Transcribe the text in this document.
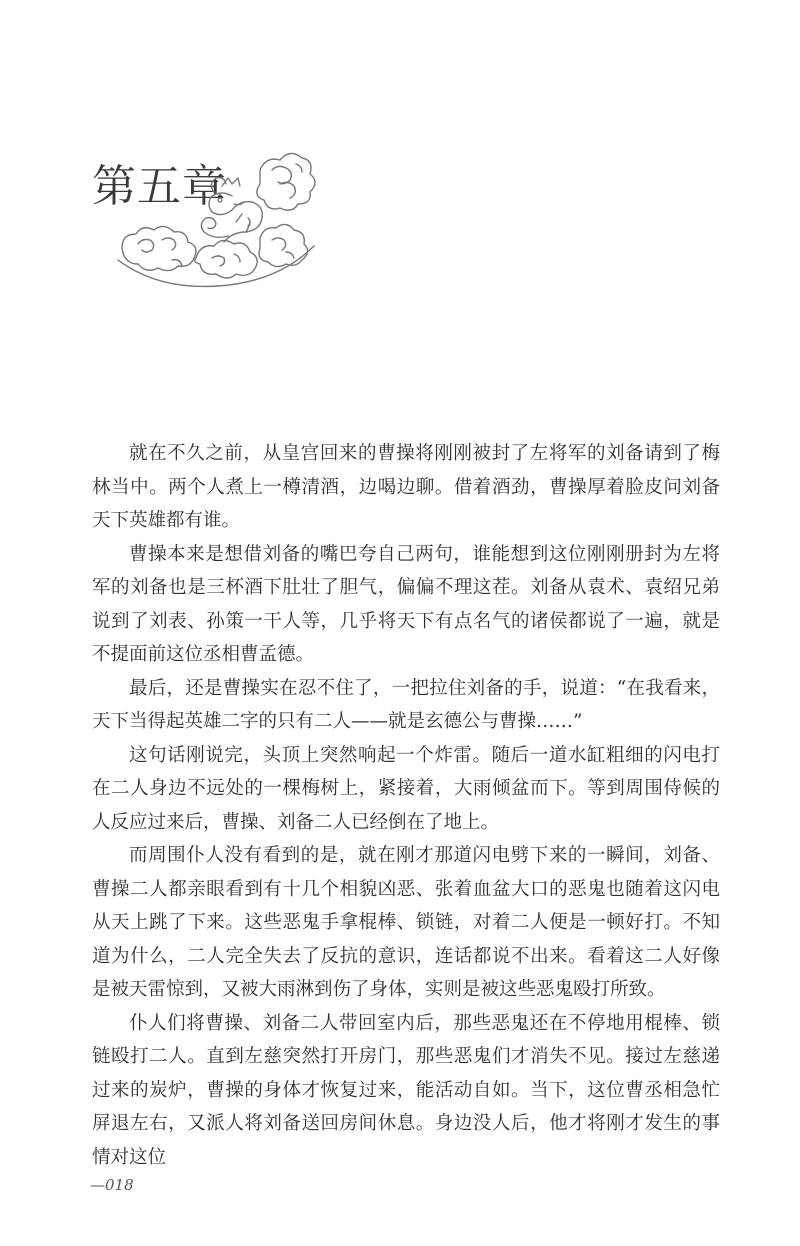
第五章

就在不久之前，从皇宫回来的曹操将刚刚被封了左将军的刘备请到了梅林当中。两个人煮上一樽清酒，边喝边聊。借着酒劲，曹操厚着脸皮问刘备天下英雄都有谁。

曹操本来是想借刘备的嘴巴夸自己两句，谁能想到这位刚刚册封为左将军的刘备也是三杯酒下肚壮了胆气，偏偏不理这茬。刘备从袁术、袁绍兄弟说到了刘表、孙策一干人等，几乎将天下有点名气的诸侯都说了一遍，就是不提面前这位丞相曹孟德。

最后，还是曹操实在忍不住了，一把拉住刘备的手，说道：“在我看来，天下当得起英雄二字的只有二人——就是玄德公与曹操……”

这句话刚说完，头顶上突然响起一个炸雷。随后一道水缸粗细的闪电打在二人身边不远处的一棵梅树上，紧接着，大雨倾盆而下。等到周围侍候的人反应过来后，曹操、刘备二人已经倒在了地上。

而周围仆人没有看到的是，就在刚才那道闪电劈下来的一瞬间，刘备、曹操二人都亲眼看到有十几个相貌凶恶、张着血盆大口的恶鬼也随着这闪电从天上跳了下来。这些恶鬼手拿棍棒、锁链，对着二人便是一顿好打。不知道为什么，二人完全失去了反抗的意识，连话都说不出来。看着这二人好像是被天雷惊到，又被大雨淋到伤了身体，实则是被这些恶鬼殴打所致。

仆人们将曹操、刘备二人带回室内后，那些恶鬼还在不停地用棍棒、锁链殴打二人。直到左慈突然打开房门，那些恶鬼们才消失不见。接过左慈递过来的炭炉，曹操的身体才恢复过来，能活动自如。当下，这位曹丞相急忙屏退左右，又派人将刘备送回房间休息。身边没人后，他才将刚才发生的事情对这位

—018
